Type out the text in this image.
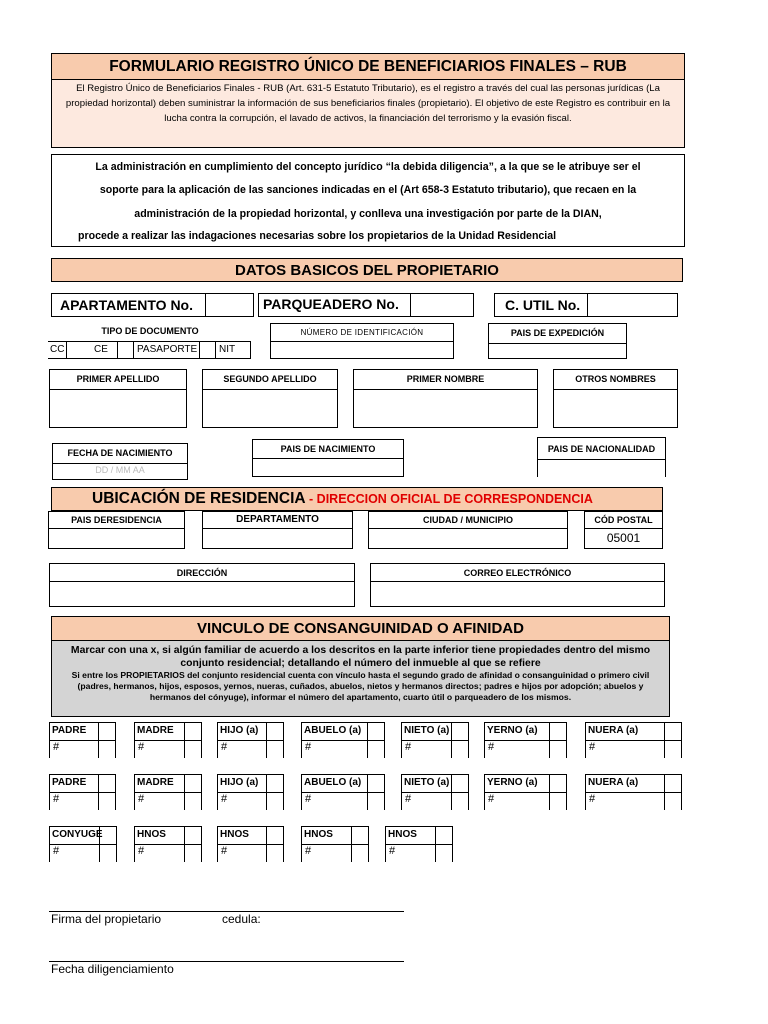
FORMULARIO REGISTRO ÚNICO DE BENEFICIARIOS FINALES – RUB
El Registro Único de Beneficiarios Finales - RUB (Art. 631-5 Estatuto Tributario), es el registro a través del cual las personas jurídicas (La propiedad horizontal) deben suministrar la información de sus beneficiarios finales (propietario). El objetivo de este Registro es contribuir en la lucha contra la corrupción, el lavado de activos, la financiación del terrorismo y la evasión fiscal.
La administración en cumplimiento del concepto jurídico “la debida diligencia”, a la que se le atribuye ser el
soporte para la aplicación de las sanciones indicadas en el (Art 658-3 Estatuto tributario), que recaen en la
administración de la propiedad horizontal, y conlleva una investigación por parte de la DIAN,
procede a realizar las indagaciones necesarias sobre los propietarios de la Unidad Residencial
DATOS BASICOS DEL PROPIETARIO
APARTAMENTO No.	PARQUEADERO No.	C. UTIL No.
TIPO DE DOCUMENTO
CC	CE	PASAPORTE NIT
NÚMERO DE IDENTIFICACIÓN	PAIS DE EXPEDICIÓN
PRIMER APELLIDO	SEGUNDO APELLIDO	PRIMER NOMBRE	OTROS NOMBRES
FECHA DE NACIMIENTO
DD / MM AA
PAIS DE NACIMIENTO	PAIS DE NACIONALIDAD
UBICACIÓN DE RESIDENCIA - DIRECCION OFICIAL DE CORRESPONDENCIA
PAIS DERESIDENCIA	DEPARTAMENTO	CIUDAD / MUNICIPIO	CÓD POSTAL
05001
DIRECCIÓN	CORREO ELECTRÓNICO
VINCULO DE CONSANGUINIDAD O AFINIDAD
Marcar con una x, si algún familiar de acuerdo a los descritos en la parte inferior tiene propiedades dentro del mismo conjunto residencial; detallando el número del inmueble al que se refiere
Si entre los PROPIETARIOS del conjunto residencial cuenta con vínculo hasta el segundo grado de afinidad o consanguinidad o primero civil (padres, hermanos, hijos, esposos, yernos, nueras, cuñados, abuelos, nietos y hermanos directos; padres e hijos por adopción; abuelos y hermanos del cónyuge), informar el número del apartamento, cuarto útil o parqueadero de los mismos.
PADRE
#
MADRE
#
HIJO (a)
#
ABUELO (a)
#
NIETO (a)
#
YERNO (a)
#
NUERA (a)
#
PADRE
#
MADRE
#
HIJO (a)
#
ABUELO (a)
#
NIETO (a)
#
YERNO (a)
#
NUERA (a)
#
CONYUGE
#
HNOS
#
HNOS
#
HNOS
#
HNOS
#
Firma del propietario	cedula:
Fecha diligenciamiento
